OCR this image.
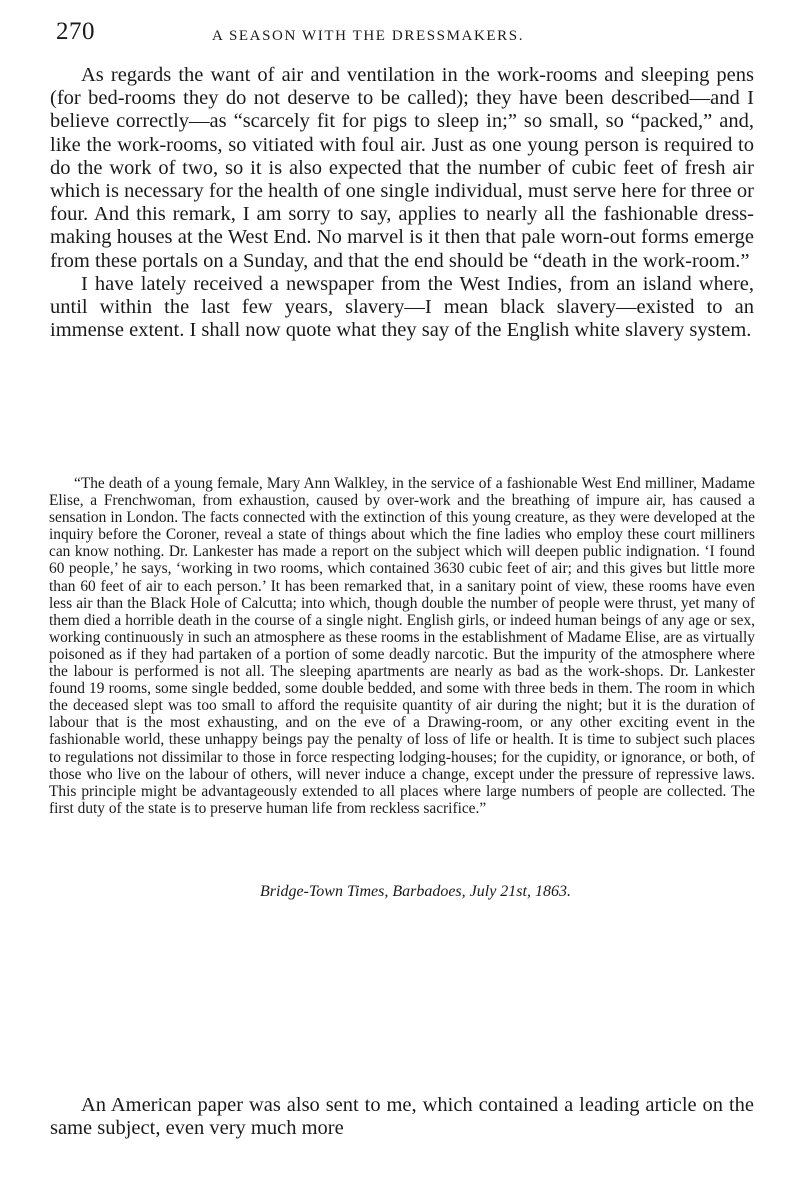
270	A SEASON WITH THE DRESSMAKERS.

As regards the want of air and ventilation in the work-rooms and sleeping pens (for bed-rooms they do not deserve to be called); they have been described—and I believe correctly—as “scarcely fit for pigs to sleep in;” so small, so “packed,” and, like the work-rooms, so vitiated with foul air. Just as one young person is required to do the work of two, so it is also expected that the number of cubic feet of fresh air which is necessary for the health of one single individual, must serve here for three or four. And this remark, I am sorry to say, applies to nearly all the fashionable dress-making houses at the West End. No marvel is it then that pale worn-out forms emerge from these portals on a Sunday, and that the end should be “death in the work-room.”

I have lately received a newspaper from the West Indies, from an island where, until within the last few years, slavery—I mean black slavery—existed to an immense extent. I shall now quote what they say of the English white slavery system.

“The death of a young female, Mary Ann Walkley, in the service of a fashionable West End milliner, Madame Elise, a Frenchwoman, from exhaustion, caused by over-work and the breathing of impure air, has caused a sensation in London. The facts connected with the extinction of this young creature, as they were developed at the inquiry before the Coroner, reveal a state of things about which the fine ladies who employ these court milliners can know nothing. Dr. Lankester has made a report on the subject which will deepen public indignation. ‘I found 60 people,’ he says, ‘working in two rooms, which contained 3630 cubic feet of air; and this gives but little more than 60 feet of air to each person.’ It has been remarked that, in a sanitary point of view, these rooms have even less air than the Black Hole of Calcutta; into which, though double the number of people were thrust, yet many of them died a horrible death in the course of a single night. English girls, or indeed human beings of any age or sex, working continuously in such an atmosphere as these rooms in the establishment of Madame Elise, are as virtually poisoned as if they had partaken of a portion of some deadly narcotic. But the impurity of the atmosphere where the labour is performed is not all. The sleeping apartments are nearly as bad as the work-shops. Dr. Lankester found 19 rooms, some single bedded, some double bedded, and some with three beds in them. The room in which the deceased slept was too small to afford the requisite quantity of air during the night; but it is the duration of labour that is the most exhausting, and on the eve of a Drawing-room, or any other exciting event in the fashionable world, these unhappy beings pay the penalty of loss of life or health. It is time to subject such places to regulations not dissimilar to those in force respecting lodging-houses; for the cupidity, or ignorance, or both, of those who live on the labour of others, will never induce a change, except under the pressure of repressive laws. This principle might be advantageously extended to all places where large numbers of people are collected. The first duty of the state is to preserve human life from reckless sacrifice.”

Bridge-Town Times, Barbadoes, July 21st, 1863.

An American paper was also sent to me, which contained a leading article on the same subject, even very much more
